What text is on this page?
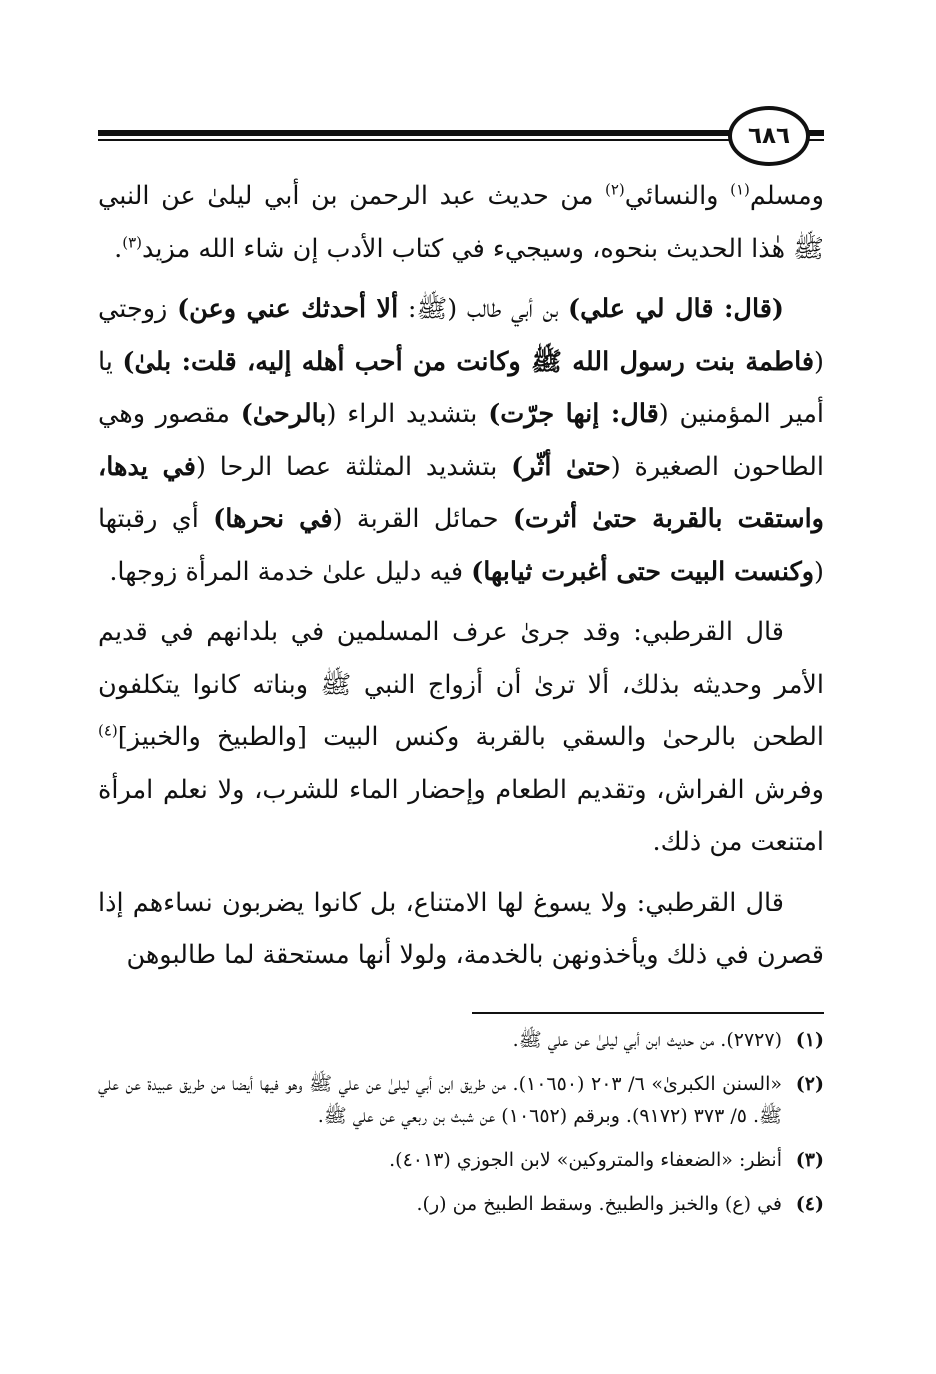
٦٨٦

ومسلم$^{(١)}$ والنسائي$^{(٢)}$ من حديث عبد الرحمن بن أبي ليلىٰ عن النبي ﷺ هٰذا الحديث بنحوه، وسيجيء في كتاب الأدب إن شاء الله مزيد$^{(٣)}$.

(قال: قال لي علي) بن أبي طالب (ﷺ: ألا أحدثك عني وعن) زوجتي (فاطمة بنت رسول الله ﷺ وكانت من أحب أهله إليه، قلت: بلىٰ) يا أمير المؤمنين (قال: إنها جرّت) بتشديد الراء (بالرحىٰ) مقصور وهي الطاحون الصغيرة (حتىٰ أثّر) بتشديد المثلثة عصا الرحا (في يدها، واستقت بالقربة حتىٰ أثرت) حمائل القربة (في نحرها) أي رقبتها (وكنست البيت حتى أغبرت ثيابها) فيه دليل علىٰ خدمة المرأة زوجها.

قال القرطبي: وقد جرىٰ عرف المسلمين في بلدانهم في قديم الأمر وحديثه بذلك، ألا ترىٰ أن أزواج النبي ﷺ وبناته كانوا يتكلفون الطحن بالرحىٰ والسقي بالقربة وكنس البيت [والطبيخ والخبيز]$^{(٤)}$ وفرش الفراش، وتقديم الطعام وإحضار الماء للشرب، ولا نعلم امرأة امتنعت من ذلك.

قال القرطبي: ولا يسوغ لها الامتناع، بل كانوا يضربون نساءهم إذا قصرن في ذلك ويأخذونهن بالخدمة، ولولا أنها مستحقة لما طالبوهن

(١)
(٢٧٢٧). من حديث ابن أبي ليلىٰ عن علي ﷺ.
(٢)
«السنن الكبرىٰ» ٦/ ٢٠٣ (١٠٦٥٠). من طريق ابن أبي ليلىٰ عن علي ﷺ وهو فيها أيضا من طريق عبيدة عن علي ﷺ. ٥/ ٣٧٣ (٩١٧٢). وبرقم (١٠٦٥٢) عن شبث بن ربعي عن علي ﷺ.
(٣)
أنظر: «الضعفاء والمتروكين» لابن الجوزي (٤٠١٣).
(٤)
في (ع) والخبز والطبيخ. وسقط الطبيخ من (ر).
